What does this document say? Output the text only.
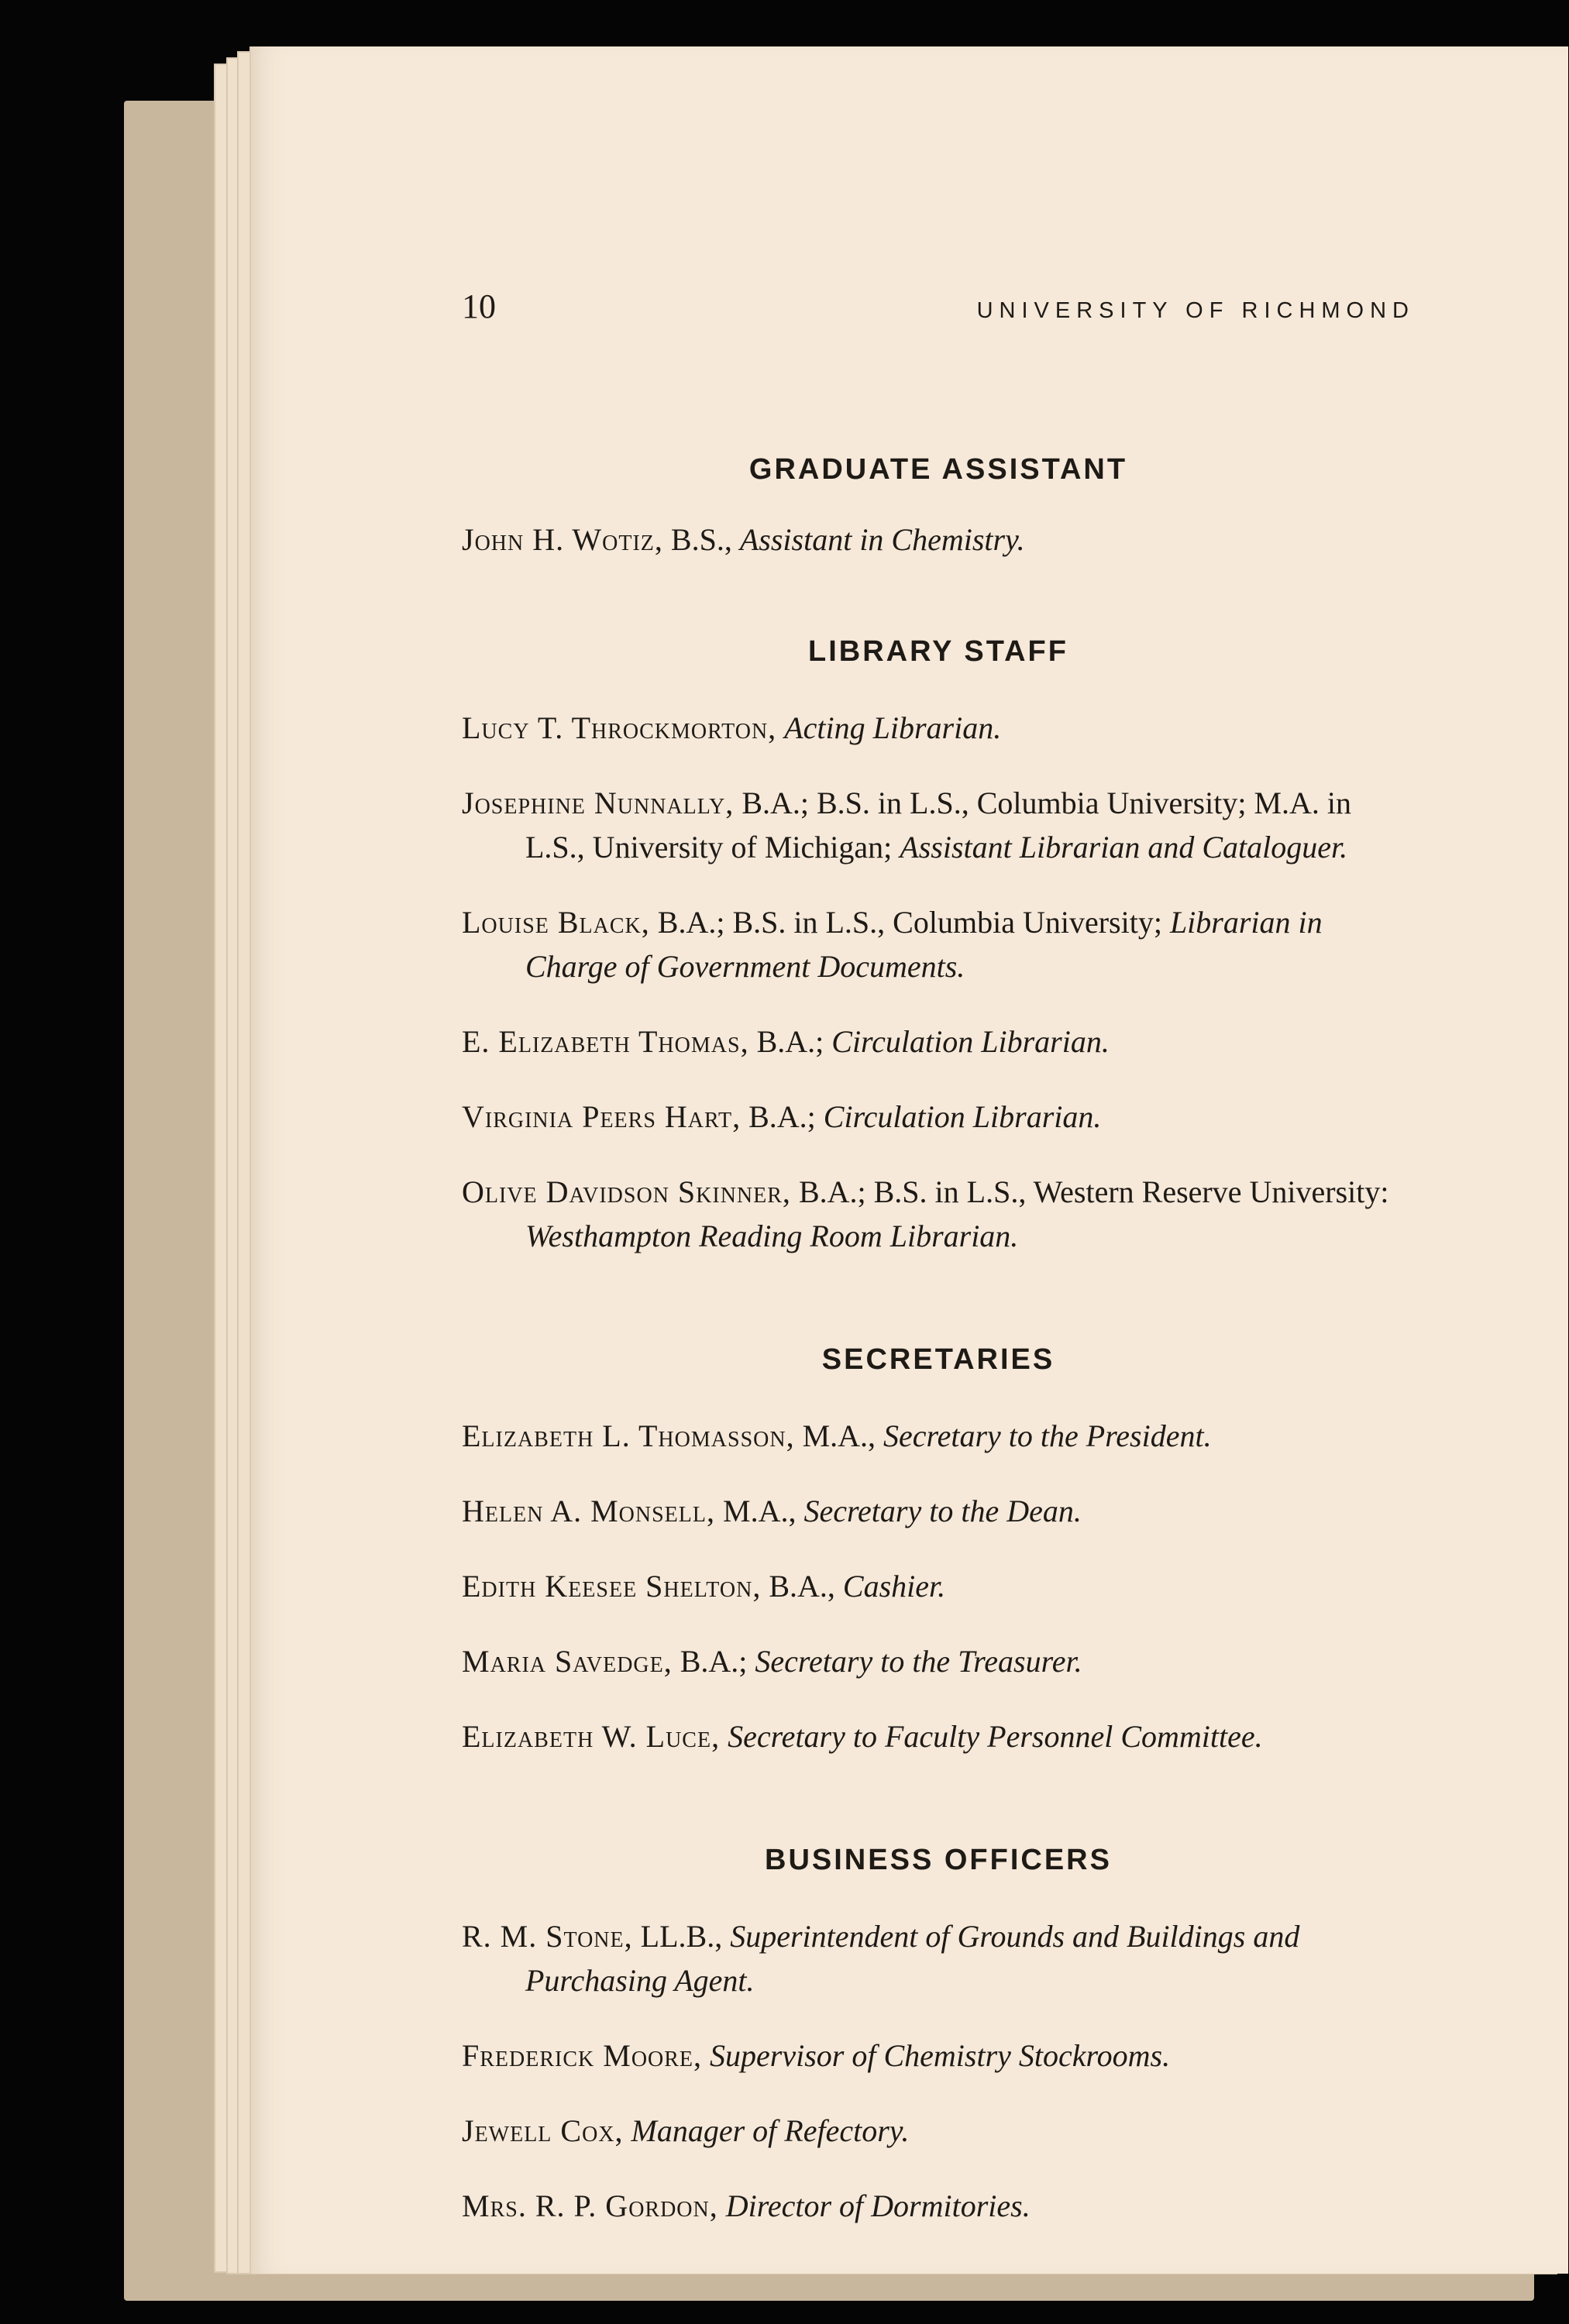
10	UNIVERSITY OF RICHMOND
GRADUATE ASSISTANT

John H. Wotiz, B.S., Assistant in Chemistry.

LIBRARY STAFF

Lucy T. Throckmorton, Acting Librarian.

Josephine Nunnally, B.A.; B.S. in L.S., Columbia University; M.A. in L.S., University of Michigan; Assistant Librarian and Cataloguer.

Louise Black, B.A.; B.S. in L.S., Columbia University; Librarian in Charge of Government Documents.

E. Elizabeth Thomas, B.A.; Circulation Librarian.

Virginia Peers Hart, B.A.; Circulation Librarian.

Olive Davidson Skinner, B.A.; B.S. in L.S., Western Reserve University: Westhampton Reading Room Librarian.

SECRETARIES

Elizabeth L. Thomasson, M.A., Secretary to the President.

Helen A. Monsell, M.A., Secretary to the Dean.

Edith Keesee Shelton, B.A., Cashier.

Maria Savedge, B.A.; Secretary to the Treasurer.

Elizabeth W. Luce, Secretary to Faculty Personnel Committee.

BUSINESS OFFICERS

R. M. Stone, LL.B., Superintendent of Grounds and Buildings and Purchasing Agent.

Frederick Moore, Supervisor of Chemistry Stockrooms.

Jewell Cox, Manager of Refectory.

Mrs. R. P. Gordon, Director of Dormitories.
